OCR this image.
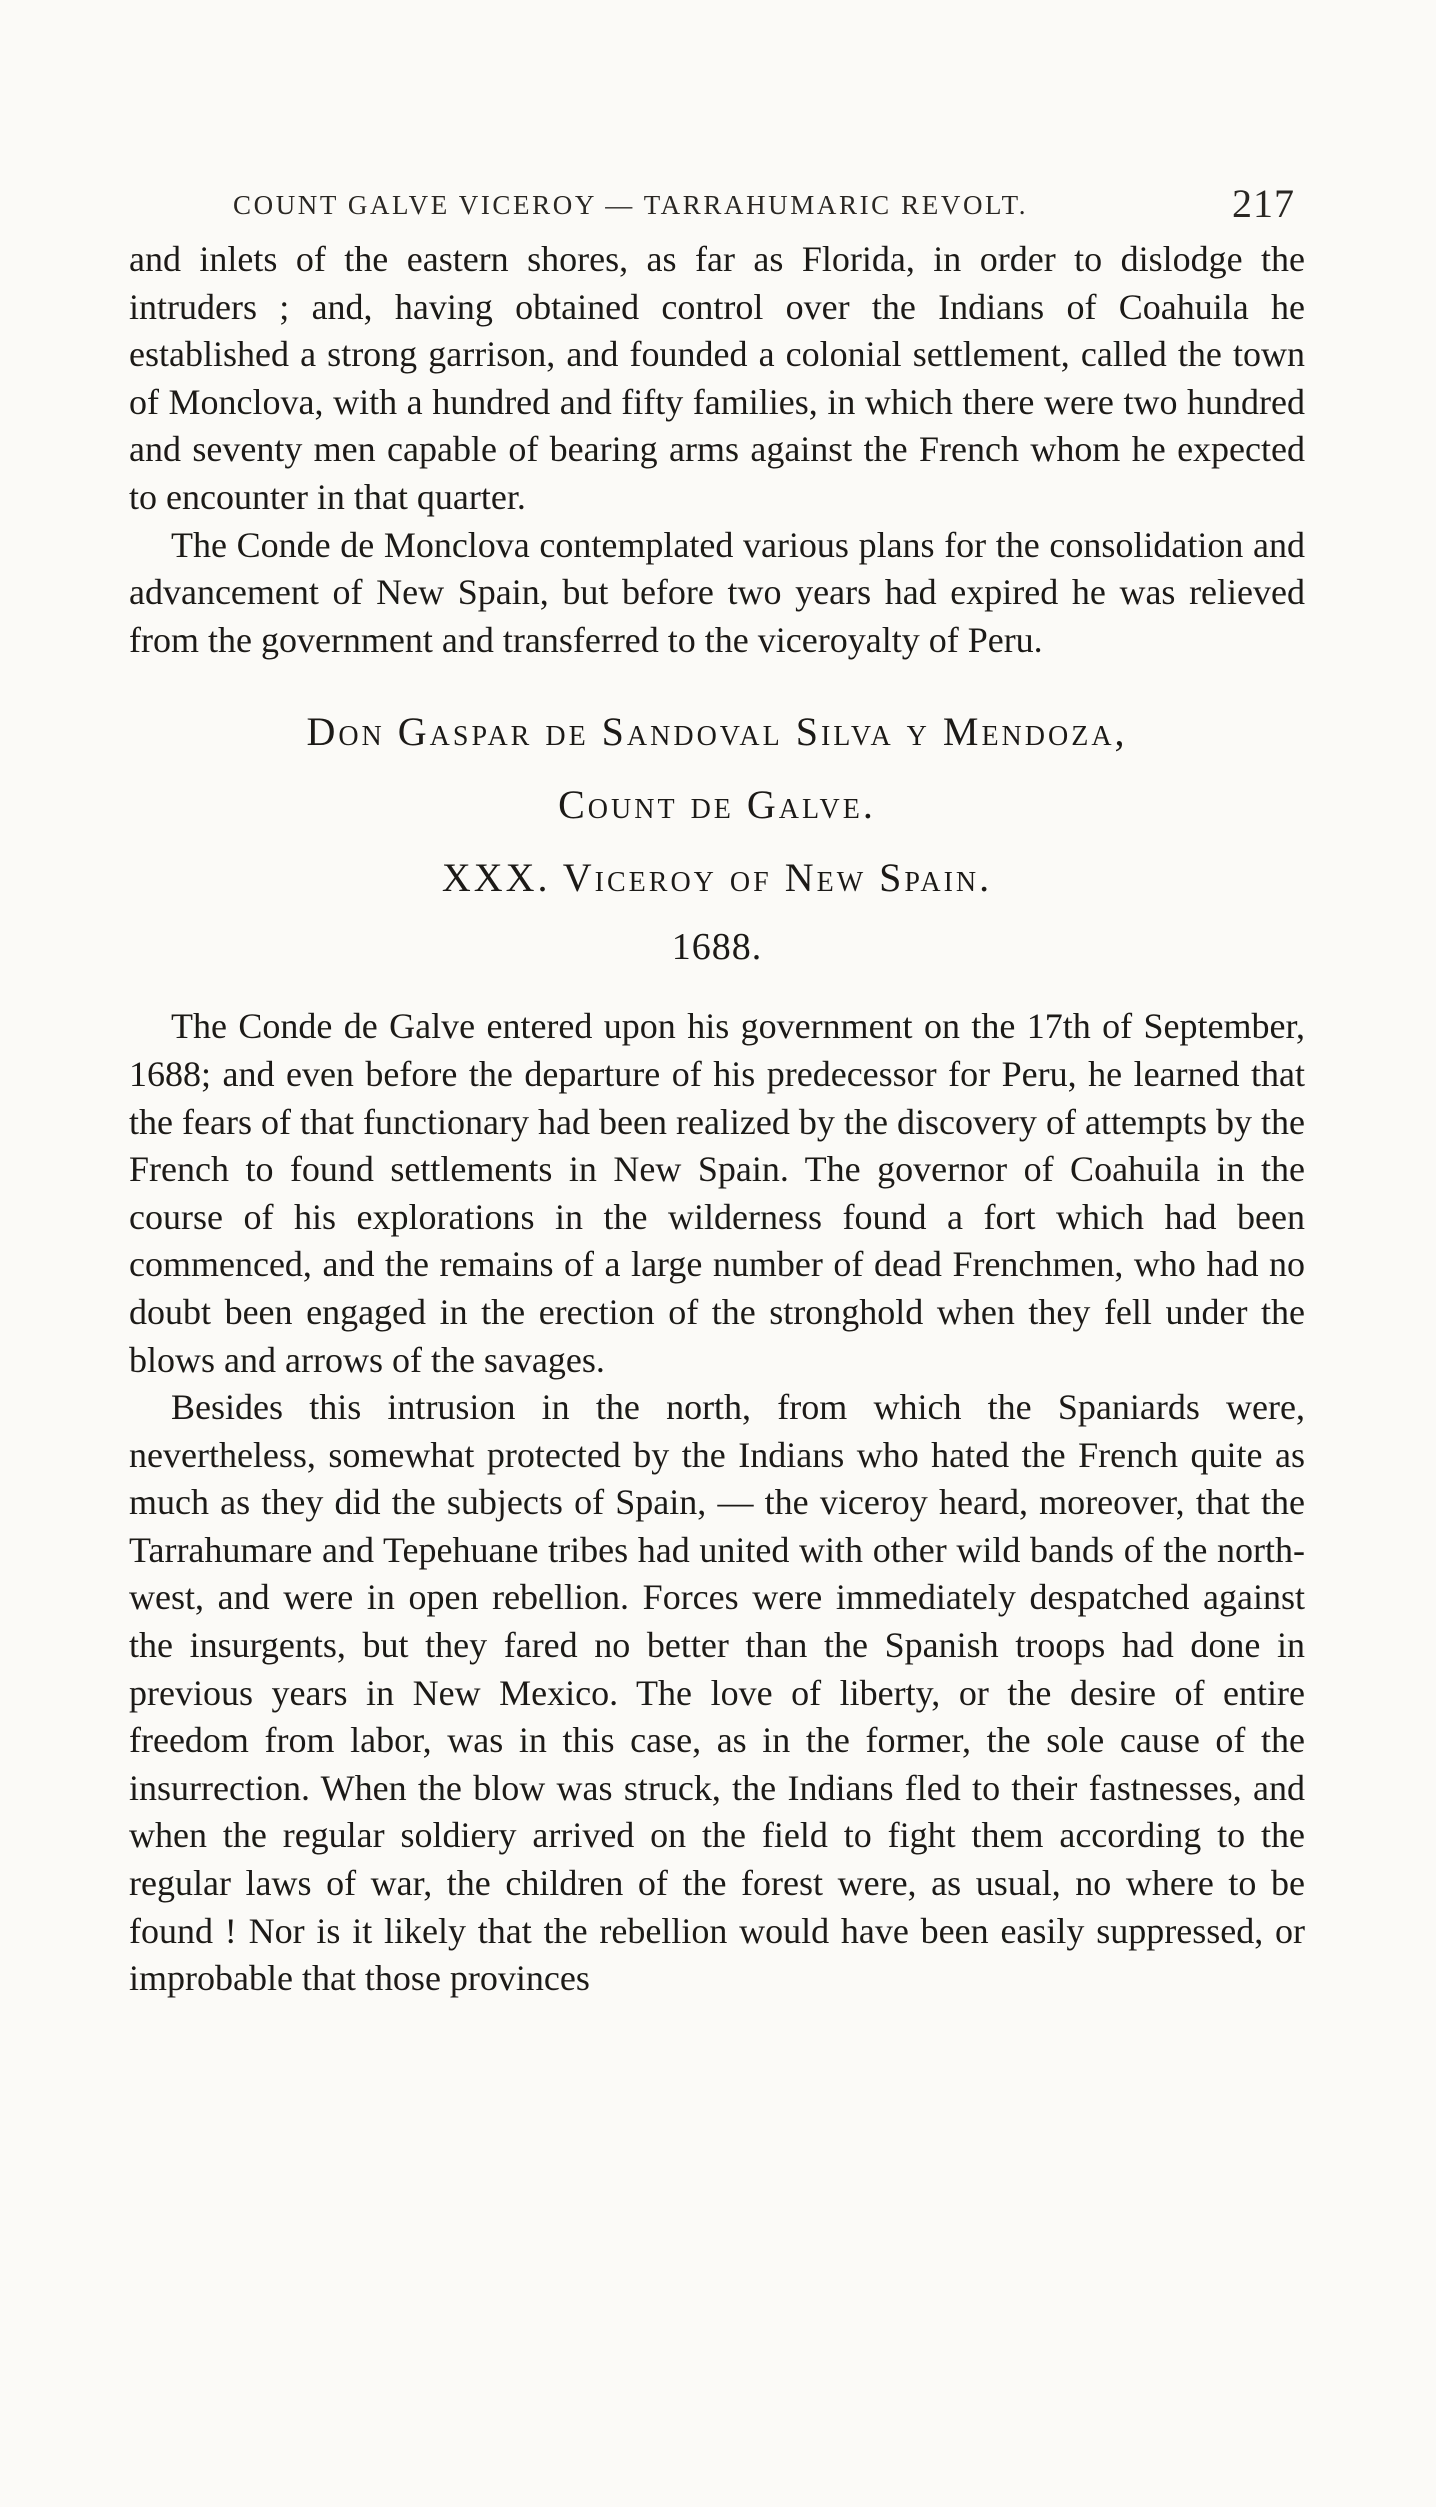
COUNT GALVE VICEROY — TARRAHUMARIC REVOLT.	217

and inlets of the eastern shores, as far as Florida, in order to dislodge the intruders ; and, having obtained control over the Indians of Coahuila he established a strong garrison, and founded a colonial settlement, called the town of Monclova, with a hundred and fifty families, in which there were two hundred and seventy men capable of bearing arms against the French whom he expected to encounter in that quarter.

The Conde de Monclova contemplated various plans for the consolidation and advancement of New Spain, but before two years had expired he was relieved from the government and transferred to the viceroyalty of Peru.

Don Gaspar de Sandoval Silva y Mendoza,

Count de Galve.

XXX. Viceroy of New Spain.

1688.

The Conde de Galve entered upon his government on the 17th of September, 1688; and even before the departure of his predecessor for Peru, he learned that the fears of that functionary had been realized by the discovery of attempts by the French to found settlements in New Spain. The governor of Coahuila in the course of his explorations in the wilderness found a fort which had been commenced, and the remains of a large number of dead Frenchmen, who had no doubt been engaged in the erection of the stronghold when they fell under the blows and arrows of the savages.

Besides this intrusion in the north, from which the Spaniards were, nevertheless, somewhat protected by the Indians who hated the French quite as much as they did the subjects of Spain, — the viceroy heard, moreover, that the Tarrahumare and Tepehuane tribes had united with other wild bands of the north-west, and were in open rebellion. Forces were immediately despatched against the insurgents, but they fared no better than the Spanish troops had done in previous years in New Mexico. The love of liberty, or the desire of entire freedom from labor, was in this case, as in the former, the sole cause of the insurrection. When the blow was struck, the Indians fled to their fastnesses, and when the regular soldiery arrived on the field to fight them according to the regular laws of war, the children of the forest were, as usual, no where to be found ! Nor is it likely that the rebellion would have been easily suppressed, or improbable that those provinces
